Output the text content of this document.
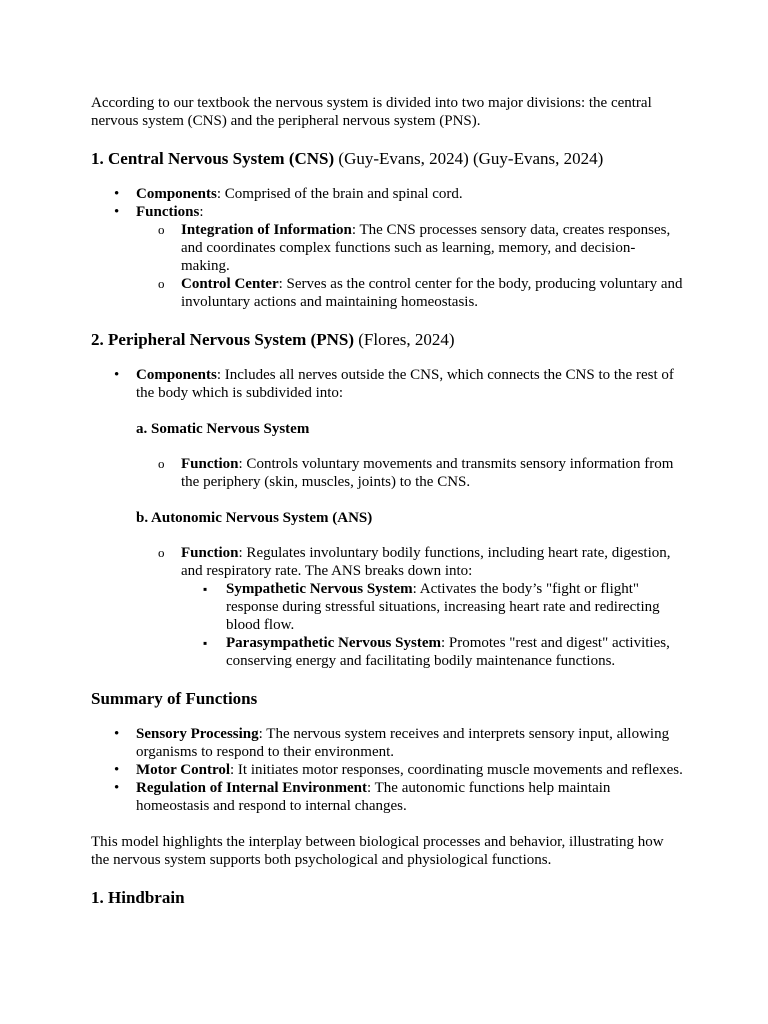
According to our textbook the nervous system is divided into two major divisions: the central nervous system (CNS) and the peripheral nervous system (PNS).

1. Central Nervous System (CNS) (Guy-Evans, 2024) (Guy-Evans, 2024)
• Components: Comprised of the brain and spinal cord.
• Functions:
o Integration of Information: The CNS processes sensory data, creates responses, and coordinates complex functions such as learning, memory, and decision-making.
o Control Center: Serves as the control center for the body, producing voluntary and involuntary actions and maintaining homeostasis.
2. Peripheral Nervous System (PNS) (Flores, 2024)
• Components: Includes all nerves outside the CNS, which connects the CNS to the rest of the body which is subdivided into:
a. Somatic Nervous System
o Function: Controls voluntary movements and transmits sensory information from the periphery (skin, muscles, joints) to the CNS.
b. Autonomic Nervous System (ANS)
o Function: Regulates involuntary bodily functions, including heart rate, digestion, and respiratory rate. The ANS breaks down into:
▪ Sympathetic Nervous System: Activates the body’s "fight or flight" response during stressful situations, increasing heart rate and redirecting blood flow.
▪ Parasympathetic Nervous System: Promotes "rest and digest" activities, conserving energy and facilitating bodily maintenance functions.
Summary of Functions
• Sensory Processing: The nervous system receives and interprets sensory input, allowing organisms to respond to their environment.
• Motor Control: It initiates motor responses, coordinating muscle movements and reflexes.
• Regulation of Internal Environment: The autonomic functions help maintain homeostasis and respond to internal changes.

This model highlights the interplay between biological processes and behavior, illustrating how the nervous system supports both psychological and physiological functions.

1. Hindbrain
